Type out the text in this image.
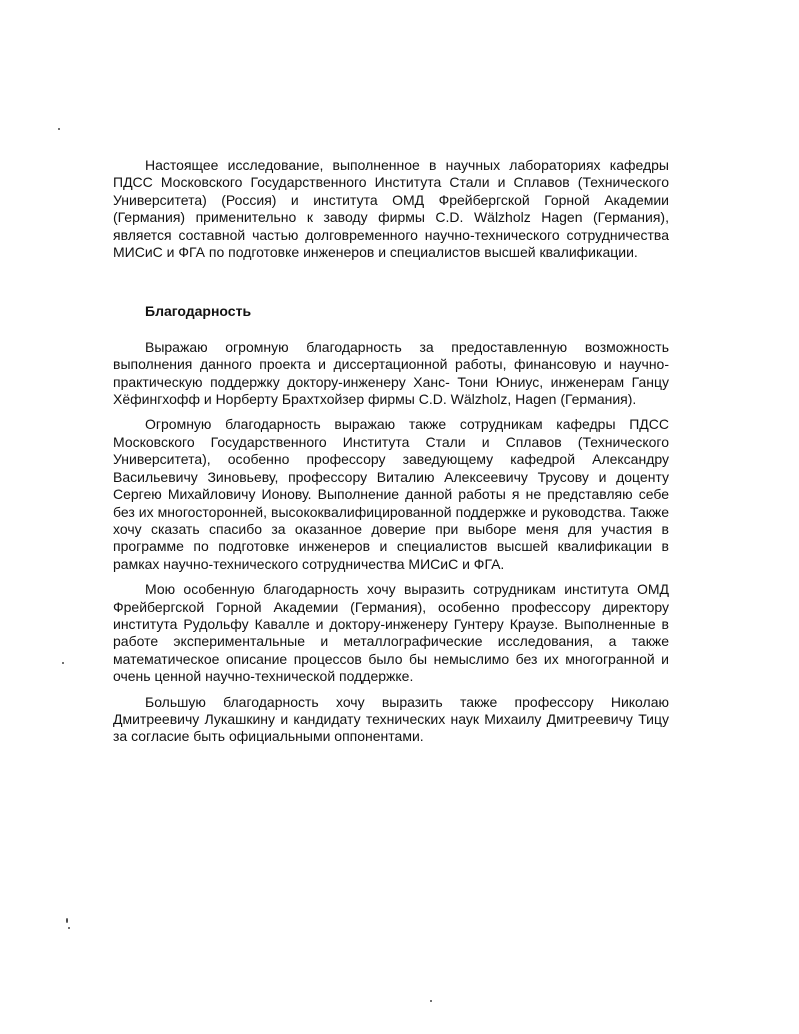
Настоящее исследование, выполненное в научных лабораториях кафедры ПДСС Московского Государственного Института Стали и Сплавов (Технического Университета) (Россия) и института ОМД Фрейбергской Горной Академии (Германия) применительно к заводу фирмы C.D. Wälzholz Hagen (Германия), является составной частью долговременного научно-технического сотрудничества МИСиС и ФГА по подготовке инженеров и специалистов высшей квалификации.

Благодарность

Выражаю огромную благодарность за предоставленную возможность выполнения данного проекта и диссертационной работы, финансовую и научно-практическую поддержку доктору-инженеру Ханс- Тони Юниус, инженерам Ганцу Хёфингхофф и Норберту Брахтхойзер фирмы C.D. Wälzholz, Hagen (Германия).

Огромную благодарность выражаю также сотрудникам кафедры ПДСС Московского Государственного Института Стали и Сплавов (Технического Университета), особенно профессору заведующему кафедрой Александру Васильевичу Зиновьеву, профессору Виталию Алексеевичу Трусову и доценту Сергею Михайловичу Ионову. Выполнение данной работы я не представляю себе без их многосторонней, высококвалифицированной поддержке и руководства. Также хочу сказать спасибо за оказанное доверие при выборе меня для участия в программе по подготовке инженеров и специалистов высшей квалификации в рамках научно-технического сотрудничества МИСиС и ФГА.

Мою особенную благодарность хочу выразить сотрудникам института ОМД Фрейбергской Горной Академии (Германия), особенно профессору директору института Рудольфу Кавалле и доктору-инженеру Гунтеру Краузе. Выполненные в работе экспериментальные и металлографические исследования, а также математическое описание процессов было бы немыслимо без их многогранной и очень ценной научно-технической поддержке.

Большую благодарность хочу выразить также профессору Николаю Дмитреевичу Лукашкину и кандидату технических наук Михаилу Дмитреевичу Тицу за согласие быть официальными оппонентами.
